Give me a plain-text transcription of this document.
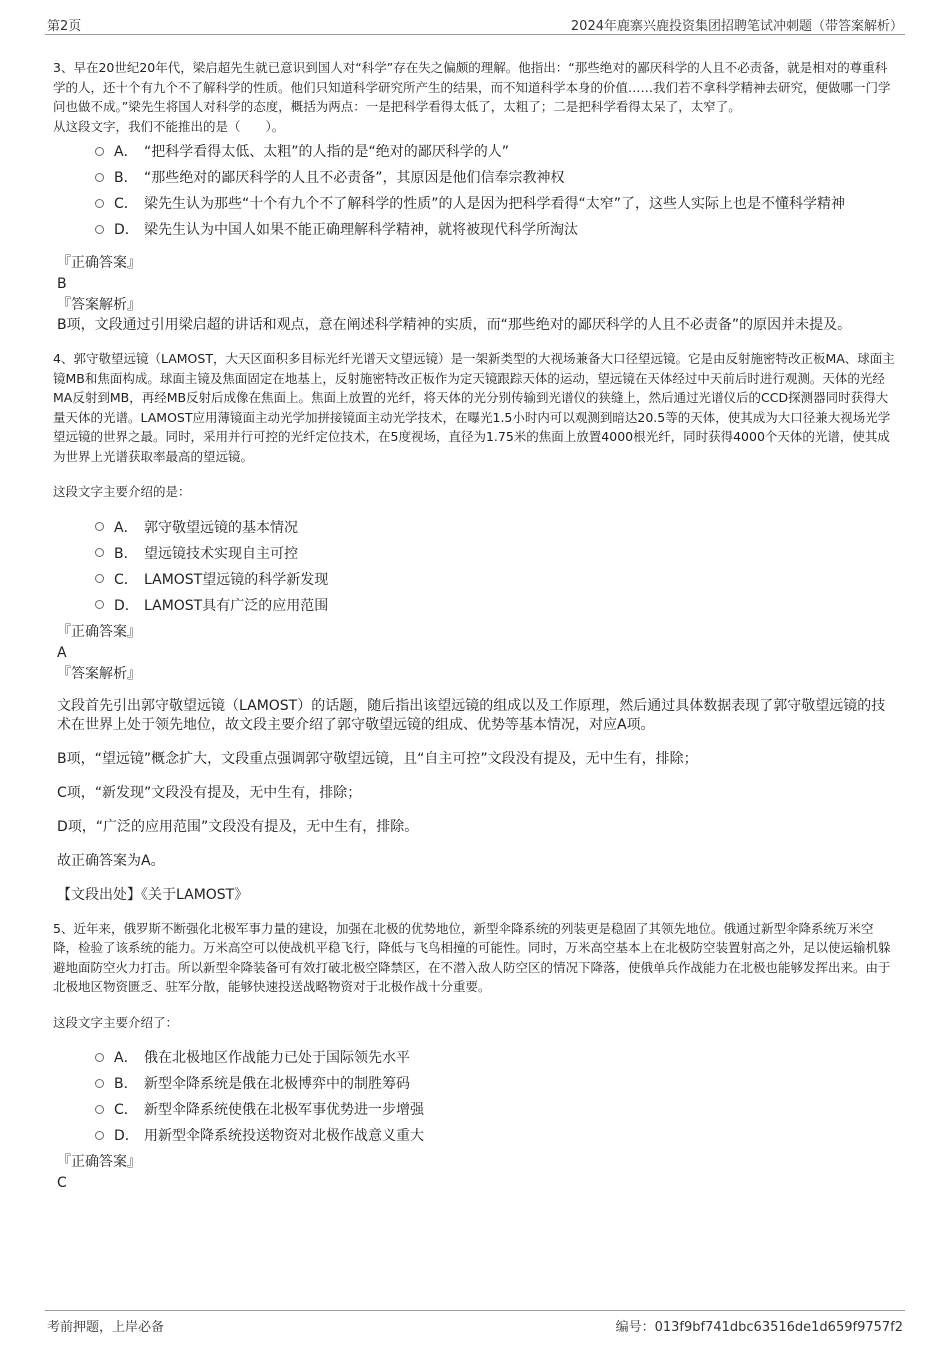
第2页	2024年鹿寨兴鹿投资集团招聘笔试冲刺题（带答案解析）

3、早在20世纪20年代，梁启超先生就已意识到国人对“科学”存在失之偏颇的理解。他指出：“那些绝对的鄙厌科学的人且不必责备，就是相对的尊重科学的人，还十个有九个不了解科学的性质。他们只知道科学研究所产生的结果，而不知道科学本身的价值……我们若不拿科学精神去研究，便做哪一门学问也做不成。”梁先生将国人对科学的态度，概括为两点：一是把科学看得太低了，太粗了；二是把科学看得太呆了，太窄了。

从这段文字，我们不能推出的是（　　）。

A． “把科学看得太低、太粗”的人指的是“绝对的鄙厌科学的人”
B． “那些绝对的鄙厌科学的人且不必责备”，其原因是他们信奉宗教神权
C． 梁先生认为那些“十个有九个不了解科学的性质”的人是因为把科学看得“太窄”了，这些人实际上也是不懂科学精神
D． 梁先生认为中国人如果不能正确理解科学精神，就将被现代科学所淘汰

『正确答案』

B

『答案解析』

B项，文段通过引用梁启超的讲话和观点，意在阐述科学精神的实质，而“那些绝对的鄙厌科学的人且不必责备”的原因并未提及。

4、郭守敬望远镜（LAMOST，大天区面积多目标光纤光谱天文望远镜）是一架新类型的大视场兼备大口径望远镜。它是由反射施密特改正板MA、球面主镜MB和焦面构成。球面主镜及焦面固定在地基上，反射施密特改正板作为定天镜跟踪天体的运动，望远镜在天体经过中天前后时进行观测。天体的光经MA反射到MB，再经MB反射后成像在焦面上。焦面上放置的光纤，将天体的光分别传输到光谱仪的狭缝上，然后通过光谱仪后的CCD探测器同时获得大量天体的光谱。LAMOST应用薄镜面主动光学加拼接镜面主动光学技术，在曝光1.5小时内可以观测到暗达20.5等的天体，使其成为大口径兼大视场光学望远镜的世界之最。同时，采用并行可控的光纤定位技术，在5度视场，直径为1.75米的焦面上放置4000根光纤，同时获得4000个天体的光谱，使其成为世界上光谱获取率最高的望远镜。

这段文字主要介绍的是：

A． 郭守敬望远镜的基本情况
B． 望远镜技术实现自主可控
C． LAMOST望远镜的科学新发现
D． LAMOST具有广泛的应用范围

『正确答案』

A

『答案解析』

文段首先引出郭守敬望远镜（LAMOST）的话题，随后指出该望远镜的组成以及工作原理，然后通过具体数据表现了郭守敬望远镜的技术在世界上处于领先地位，故文段主要介绍了郭守敬望远镜的组成、优势等基本情况，对应A项。

B项，“望远镜”概念扩大，文段重点强调郭守敬望远镜，且“自主可控”文段没有提及，无中生有，排除；

C项，“新发现”文段没有提及，无中生有，排除；

D项，“广泛的应用范围”文段没有提及，无中生有，排除。

故正确答案为A。

【文段出处】《关于LAMOST》

5、近年来，俄罗斯不断强化北极军事力量的建设，加强在北极的优势地位，新型伞降系统的列装更是稳固了其领先地位。俄通过新型伞降系统万米空降，检验了该系统的能力。万米高空可以使战机平稳飞行，降低与飞鸟相撞的可能性。同时，万米高空基本上在北极防空装置射高之外，足以使运输机躲避地面防空火力打击。所以新型伞降装备可有效打破北极空降禁区，在不潜入敌人防空区的情况下降落，使俄单兵作战能力在北极也能够发挥出来。由于北极地区物资匮乏、驻军分散，能够快速投送战略物资对于北极作战十分重要。

这段文字主要介绍了：

A． 俄在北极地区作战能力已处于国际领先水平
B． 新型伞降系统是俄在北极博弈中的制胜筹码
C． 新型伞降系统使俄在北极军事优势进一步增强
D． 用新型伞降系统投送物资对北极作战意义重大

『正确答案』

C

考前押题，上岸必备	编号：013f9bf741dbc63516de1d659f9757f2
